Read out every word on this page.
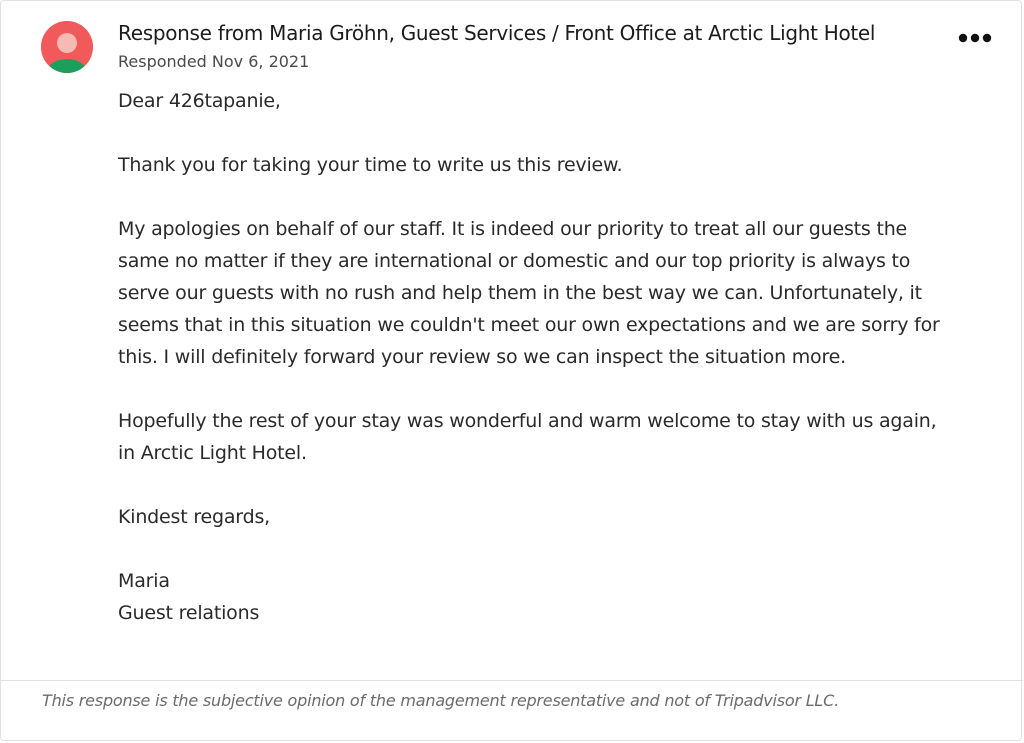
Response from Maria Gröhn, Guest Services / Front Office at Arctic Light Hotel
Responded Nov 6, 2021

Dear 426tapanie,

Thank you for taking your time to write us this review.

My apologies on behalf of our staff. It is indeed our priority to treat all our guests the same no matter if they are international or domestic and our top priority is always to serve our guests with no rush and help them in the best way we can. Unfortunately, it seems that in this situation we couldn't meet our own expectations and we are sorry for this. I will definitely forward your review so we can inspect the situation more.

Hopefully the rest of your stay was wonderful and warm welcome to stay with us again, in Arctic Light Hotel.

Kindest regards,

Maria
Guest relations

This response is the subjective opinion of the management representative and not of Tripadvisor LLC.
